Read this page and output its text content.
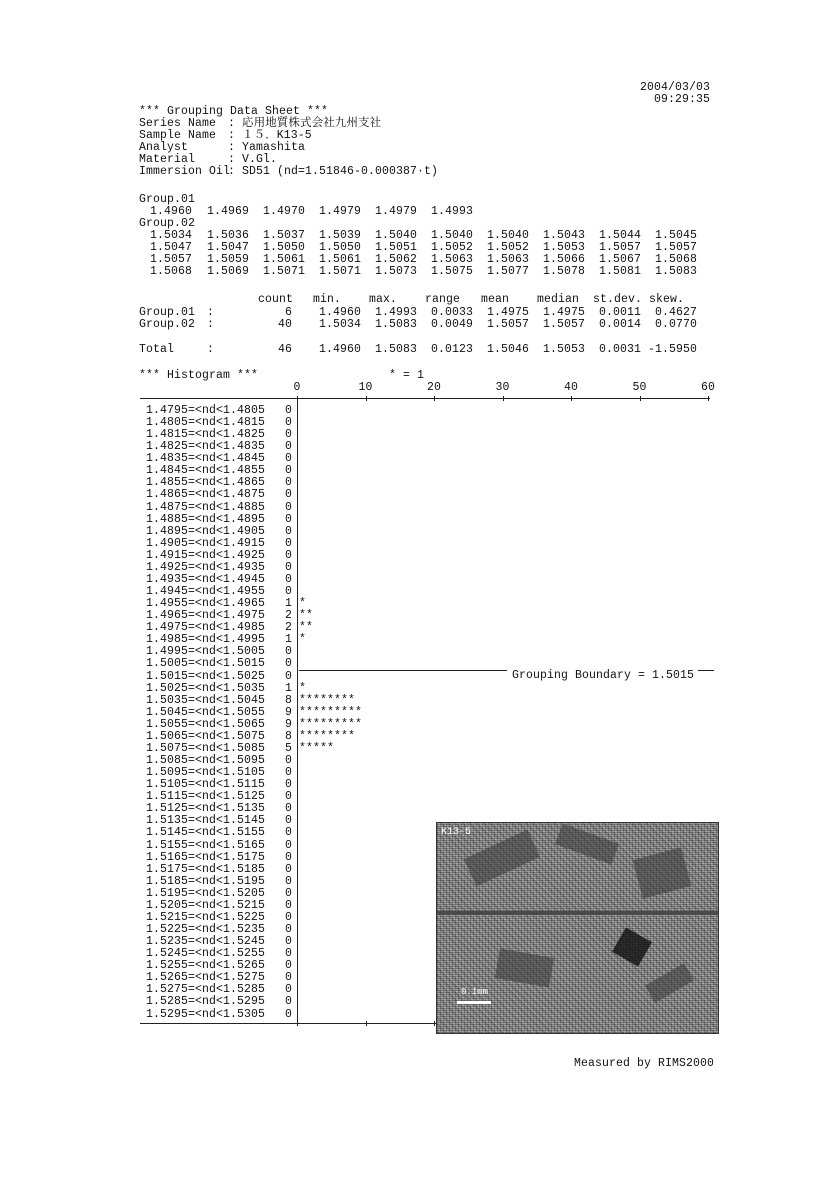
2004/03/03
09:29:35
*** Grouping Data Sheet ***
Series Name : 応用地質株式会社九州支社
Sample Name : １５．K13-5
Analyst	: Yamashita
Material	: V.Gl.
Immersion Oil
: SD51 (nd=1.51846-0.000387·t)
Group.01
1.4960 1.4969 1.4970 1.4979 1.4979 1.4993
Group.02
1.5034 1.5036 1.5037 1.5039 1.5040 1.5040 1.5040 1.5043 1.5044 1.5045
1.5047 1.5047 1.5050 1.5050 1.5051 1.5052 1.5052 1.5053 1.5057 1.5057
1.5057 1.5059 1.5061 1.5061 1.5062 1.5063 1.5063 1.5066 1.5067 1.5068
1.5068 1.5069 1.5071 1.5071 1.5073 1.5075 1.5077 1.5078 1.5081 1.5083
count min. max. range mean median st.dev. skew.
Group.01 :	6	1.4960	1.4993	0.0033	1.4975	1.4975	0.0011	0.4627
Group.02 :	40	1.5034	1.5083	0.0049	1.5057	1.5057	0.0014	0.0770
Total	:	46	1.4960	1.5083	0.0123	1.5046	1.5053	0.0031 -1.5950
*** Histogram ***	* = 1
0	10	20	30	40	50	60
1.4795=<nd<1.4805	0
1.4805=<nd<1.4815	0
1.4815=<nd<1.4825	0
1.4825=<nd<1.4835	0
1.4835=<nd<1.4845	0
1.4845=<nd<1.4855	0
1.4855=<nd<1.4865	0
1.4865=<nd<1.4875	0
1.4875=<nd<1.4885	0
1.4885=<nd<1.4895	0
1.4895=<nd<1.4905	0
1.4905=<nd<1.4915	0
1.4915=<nd<1.4925	0
1.4925=<nd<1.4935	0
1.4935=<nd<1.4945	0
1.4945=<nd<1.4955	0
1.4955=<nd<1.4965	1 *
1.4965=<nd<1.4975	2 **
1.4975=<nd<1.4985	2 **
1.4985=<nd<1.4995	1 *
1.4995=<nd<1.5005	0
1.5005=<nd<1.5015	0
1.5015=<nd<1.5025	0
1.5025=<nd<1.5035	1 *
1.5035=<nd<1.5045	8 ********
1.5045=<nd<1.5055	9 *********
1.5055=<nd<1.5065	9 *********
1.5065=<nd<1.5075	8 ********
1.5075=<nd<1.5085	5 *****
1.5085=<nd<1.5095	0
1.5095=<nd<1.5105	0
1.5105=<nd<1.5115	0
1.5115=<nd<1.5125	0
1.5125=<nd<1.5135	0
1.5135=<nd<1.5145	0
1.5145=<nd<1.5155	0
1.5155=<nd<1.5165	0
1.5165=<nd<1.5175	0
1.5175=<nd<1.5185	0
1.5185=<nd<1.5195	0
1.5195=<nd<1.5205	0
1.5205=<nd<1.5215	0
1.5215=<nd<1.5225	0
1.5225=<nd<1.5235	0
1.5235=<nd<1.5245	0
1.5245=<nd<1.5255	0
1.5255=<nd<1.5265	0
1.5265=<nd<1.5275	0
1.5275=<nd<1.5285	0
1.5285=<nd<1.5295	0
1.5295=<nd<1.5305	0
Grouping Boundary = 1.5015
K13-5
0.1mm
Measured by RIMS2000
